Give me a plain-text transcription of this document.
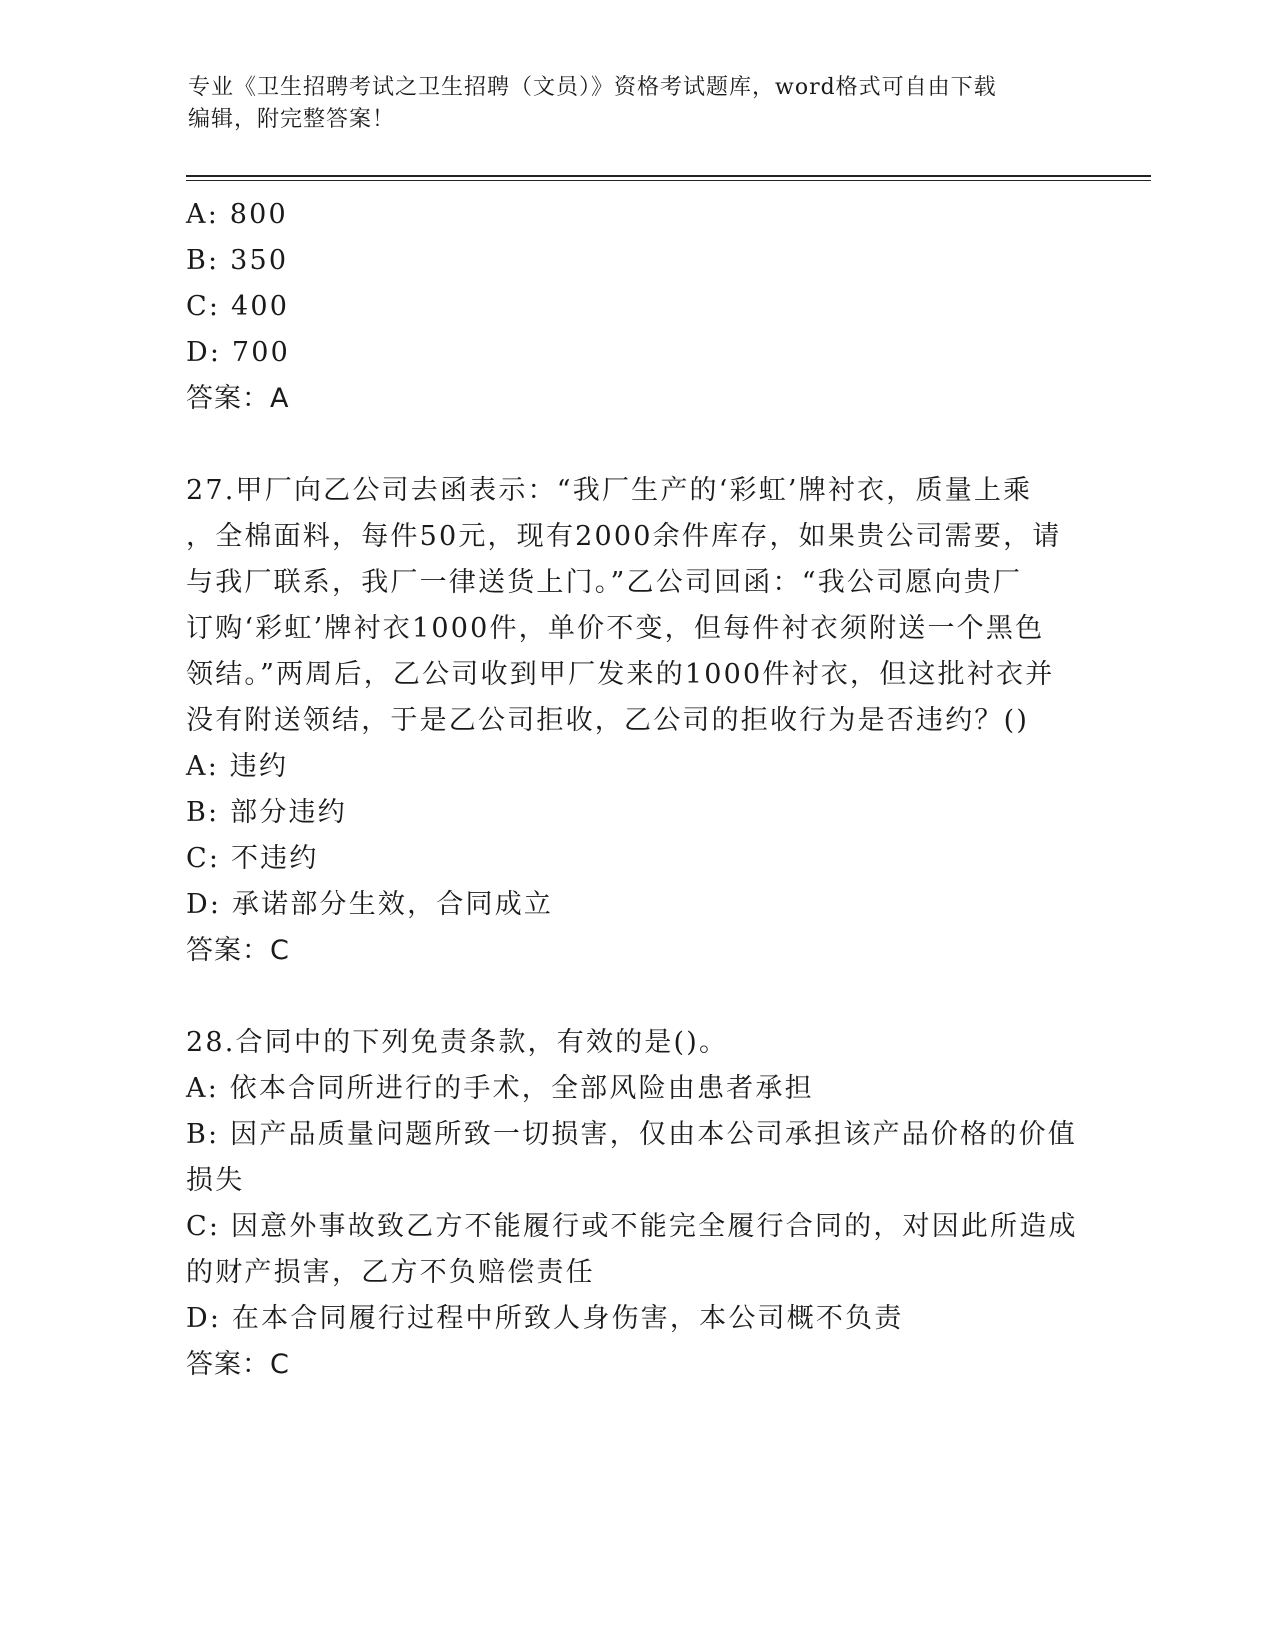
专业《卫生招聘考试之卫生招聘（文员）》资格考试题库，word格式可自由下载
编辑，附完整答案！
A: 800
B: 350
C: 400
D: 700
答案：A
27.甲厂向乙公司去函表示：“我厂生产的‘彩虹’牌衬衣，质量上乘
，全棉面料，每件50元，现有2000余件库存，如果贵公司需要，请
与我厂联系，我厂一律送货上门。”乙公司回函：“我公司愿向贵厂
订购‘彩虹’牌衬衣1000件，单价不变，但每件衬衣须附送一个黑色
领结。”两周后，乙公司收到甲厂发来的1000件衬衣，但这批衬衣并
没有附送领结，于是乙公司拒收，乙公司的拒收行为是否违约？()
A: 违约
B: 部分违约
C: 不违约
D: 承诺部分生效，合同成立
答案：C
28.合同中的下列免责条款，有效的是()。
A: 依本合同所进行的手术，全部风险由患者承担
B: 因产品质量问题所致一切损害，仅由本公司承担该产品价格的价值
损失
C: 因意外事故致乙方不能履行或不能完全履行合同的，对因此所造成
的财产损害，乙方不负赔偿责任
D: 在本合同履行过程中所致人身伤害，本公司概不负责
答案：C
